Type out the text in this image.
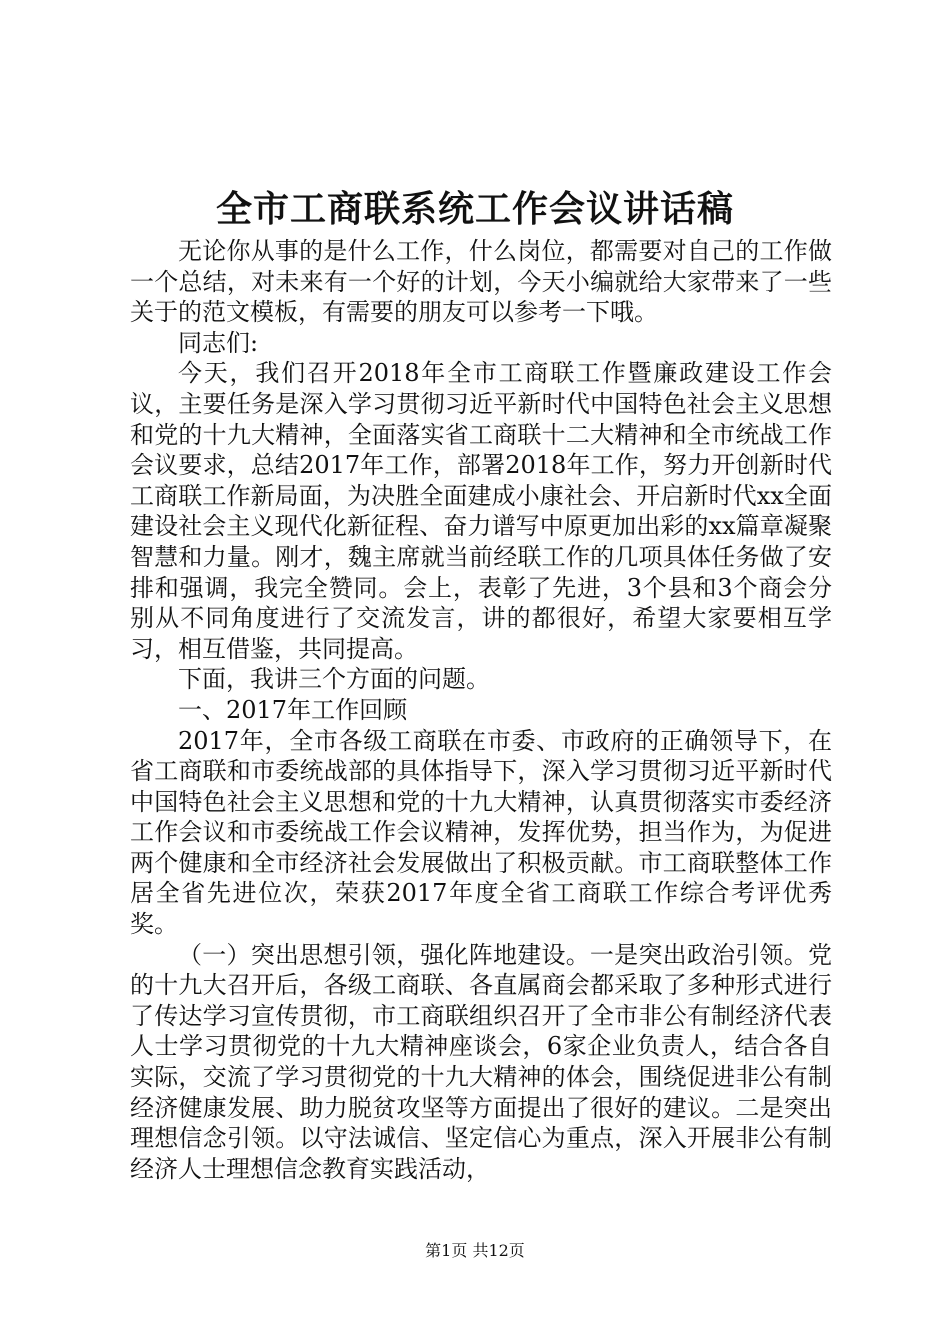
全市工商联系统工作会议讲话稿

无论你从事的是什么工作，什么岗位，都需要对自己的工作做一个总结，对未来有一个好的计划，今天小编就给大家带来了一些关于的范文模板，有需要的朋友可以参考一下哦。

同志们:

今天，我们召开2018年全市工商联工作暨廉政建设工作会议，主要任务是深入学习贯彻习近平新时代中国特色社会主义思想和党的十九大精神，全面落实省工商联十二大精神和全市统战工作会议要求，总结2017年工作，部署2018年工作，努力开创新时代工商联工作新局面，为决胜全面建成小康社会、开启新时代xx全面建设社会主义现代化新征程、奋力谱写中原更加出彩的xx篇章凝聚智慧和力量。刚才，魏主席就当前经联工作的几项具体任务做了安排和强调，我完全赞同。会上，表彰了先进，3个县和3个商会分别从不同角度进行了交流发言，讲的都很好，希望大家要相互学习，相互借鉴，共同提高。

下面，我讲三个方面的问题。

一、2017年工作回顾

2017年，全市各级工商联在市委、市政府的正确领导下，在省工商联和市委统战部的具体指导下，深入学习贯彻习近平新时代中国特色社会主义思想和党的十九大精神，认真贯彻落实市委经济工作会议和市委统战工作会议精神，发挥优势，担当作为，为促进两个健康和全市经济社会发展做出了积极贡献。市工商联整体工作居全省先进位次，荣获2017年度全省工商联工作综合考评优秀奖。

（一）突出思想引领，强化阵地建设。一是突出政治引领。党的十九大召开后，各级工商联、各直属商会都采取了多种形式进行了传达学习宣传贯彻，市工商联组织召开了全市非公有制经济代表人士学习贯彻党的十九大精神座谈会，6家企业负责人，结合各自实际，交流了学习贯彻党的十九大精神的体会，围绕促进非公有制经济健康发展、助力脱贫攻坚等方面提出了很好的建议。二是突出理想信念引领。以守法诚信、坚定信心为重点，深入开展非公有制经济人士理想信念教育实践活动，

第1页 共12页
